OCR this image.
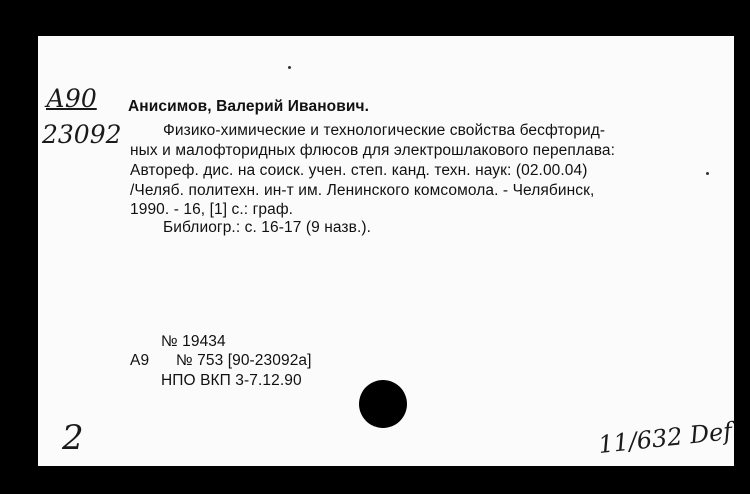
А90
23092

Анисимов, Валерий Иванович.

Физико-химические и технологические свойства бесфторид-

ных и малофторидных флюсов для электрошлакового переплава:

Автореф. дис. на соиск. учен. степ. канд. техн. наук: (02.00.04)

/Челяб. политехн. ин-т им. Ленинского комсомола. - Челябинск,

1990. - 16, [1] с.: граф.

Библиогр.: с. 16-17 (9 назв.).

№ 19434

А9 № 753 [90-23092а]

НПО ВКП 3-7.12.90

2	11/632 Def
